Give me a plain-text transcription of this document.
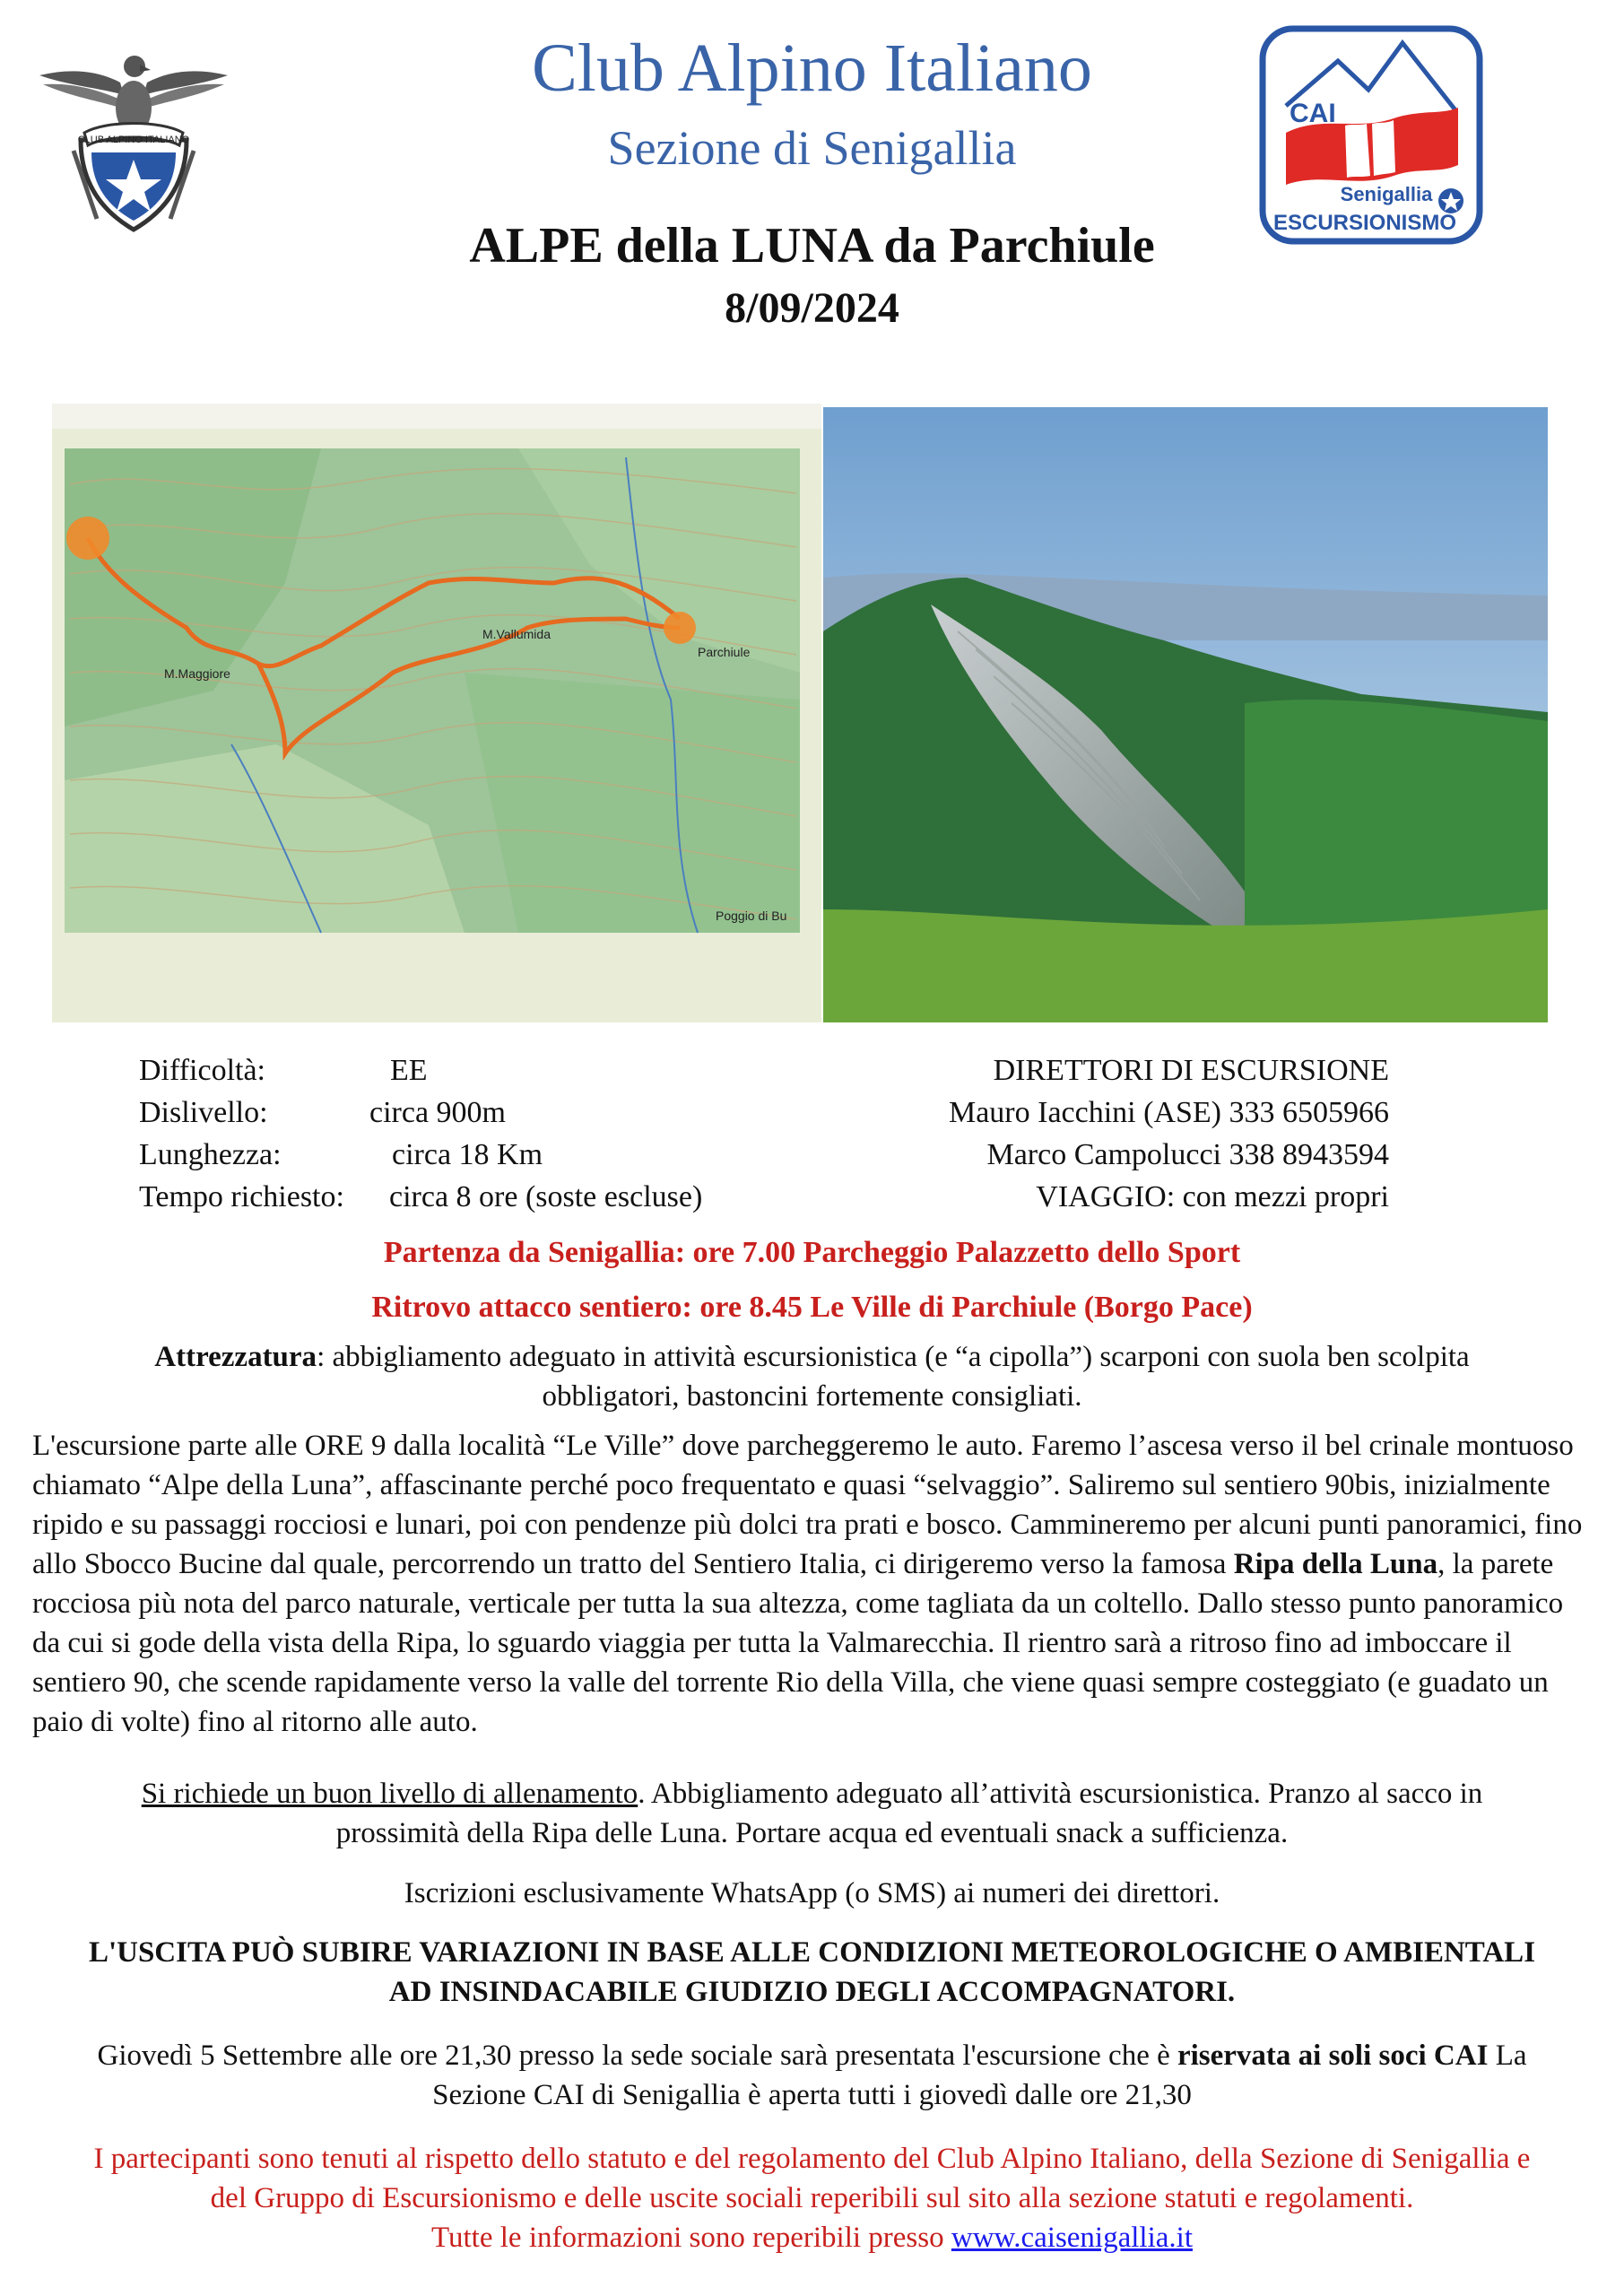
CLUB ALPINO ITALIANO
CAI
Senigallia
ESCURSIONISMO
Club Alpino Italiano
Sezione di Senigallia
ALPE della LUNA da Parchiule
8/09/2024
M.Maggiore
M.Vallumida
Parchiule
Poggio di Bu
Difficoltà:	EE
Dislivello:	circa 900m
Lunghezza:	circa 18 Km
Tempo richiesto: circa 8 ore (soste escluse)
DIRETTORI DI ESCURSIONE
Mauro Iacchini (ASE) 333 6505966
Marco Campolucci 338 8943594
VIAGGIO: con mezzi propri
Partenza da Senigallia: ore 7.00 Parcheggio Palazzetto dello Sport
Ritrovo attacco sentiero: ore 8.45 Le Ville di Parchiule (Borgo Pace)
Attrezzatura: abbigliamento adeguato in attività escursionistica (e “a cipolla”) scarponi con suola ben scolpita
obbligatori, bastoncini fortemente consigliati.
L'escursione parte alle ORE 9 dalla località “Le Ville” dove parcheggeremo le auto. Faremo l’ascesa verso il bel crinale montuoso chiamato “Alpe della Luna”, affascinante perché poco frequentato e quasi “selvaggio”. Saliremo sul sentiero 90bis, inizialmente ripido e su passaggi rocciosi e lunari, poi con pendenze più dolci tra prati e bosco. Cammineremo per alcuni punti panoramici, fino allo Sbocco Bucine dal quale, percorrendo un tratto del Sentiero Italia, ci dirigeremo verso la famosa Ripa della Luna, la parete rocciosa più nota del parco naturale, verticale per tutta la sua altezza, come tagliata da un coltello. Dallo stesso punto panoramico da cui si gode della vista della Ripa, lo sguardo viaggia per tutta la Valmarecchia. Il rientro sarà a ritroso fino ad imboccare il sentiero 90, che scende rapidamente verso la valle del torrente Rio della Villa, che viene quasi sempre costeggiato (e guadato un paio di volte) fino al ritorno alle auto.
Si richiede un buon livello di allenamento. Abbigliamento adeguato all’attività escursionistica. Pranzo al sacco in
prossimità della Ripa delle Luna. Portare acqua ed eventuali snack a sufficienza.
Iscrizioni esclusivamente WhatsApp (o SMS) ai numeri dei direttori.
L'USCITA PUÒ SUBIRE VARIAZIONI IN BASE ALLE CONDIZIONI METEOROLOGICHE O AMBIENTALI
AD INSINDACABILE GIUDIZIO DEGLI ACCOMPAGNATORI.
Giovedì 5 Settembre alle ore 21,30 presso la sede sociale sarà presentata l'escursione che è riservata ai soli soci CAI La
Sezione CAI di Senigallia è aperta tutti i giovedì dalle ore 21,30
I partecipanti sono tenuti al rispetto dello statuto e del regolamento del Club Alpino Italiano, della Sezione di Senigallia e
del Gruppo di Escursionismo e delle uscite sociali reperibili sul sito alla sezione statuti e regolamenti.
Tutte le informazioni sono reperibili presso www.caisenigallia.it
